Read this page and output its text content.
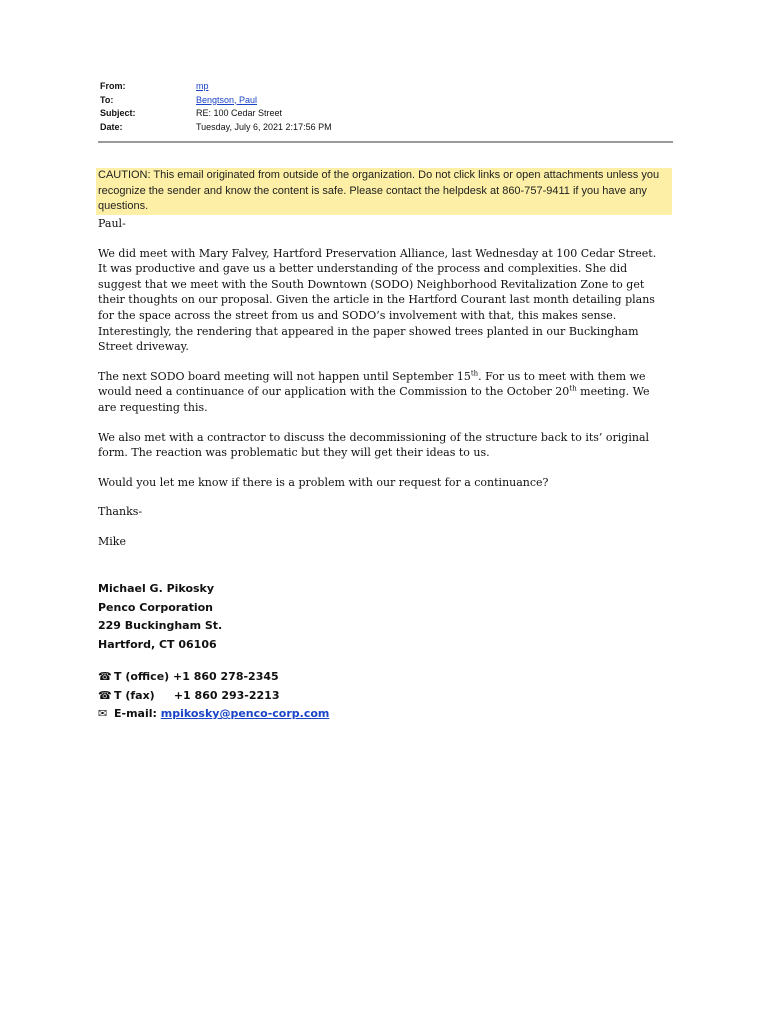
From:	mp
To:	Bengtson, Paul
Subject:	RE: 100 Cedar Street
Date:	Tuesday, July 6, 2021 2:17:56 PM
CAUTION: This email originated from outside of the organization. Do not click links or open attachments unless you recognize the sender and know the content is safe. Please contact the helpdesk at 860-757-9411 if you have any questions.

Paul-

We did meet with Mary Falvey, Hartford Preservation Alliance, last Wednesday at 100 Cedar Street. It was productive and gave us a better understanding of the process and complexities. She did suggest that we meet with the South Downtown (SODO) Neighborhood Revitalization Zone to get their thoughts on our proposal. Given the article in the Hartford Courant last month detailing plans for the space across the street from us and SODO’s involvement with that, this makes sense. Interestingly, the rendering that appeared in the paper showed trees planted in our Buckingham Street driveway.

The next SODO board meeting will not happen until September 15th. For us to meet with them we would need a continuance of our application with the Commission to the October 20th meeting. We are requesting this.

We also met with a contractor to discuss the decommissioning of the structure back to its’ original form. The reaction was problematic but they will get their ideas to us.

Would you let me know if there is a problem with our request for a continuance?

Thanks-

Mike

Michael G. Pikosky
Penco Corporation
229 Buckingham St.
Hartford, CT 06106
☎ T (office) +1 860 278-2345
☎ T (fax)     +1 860 293-2213
✉ E-mail: mpikosky@penco-corp.com
